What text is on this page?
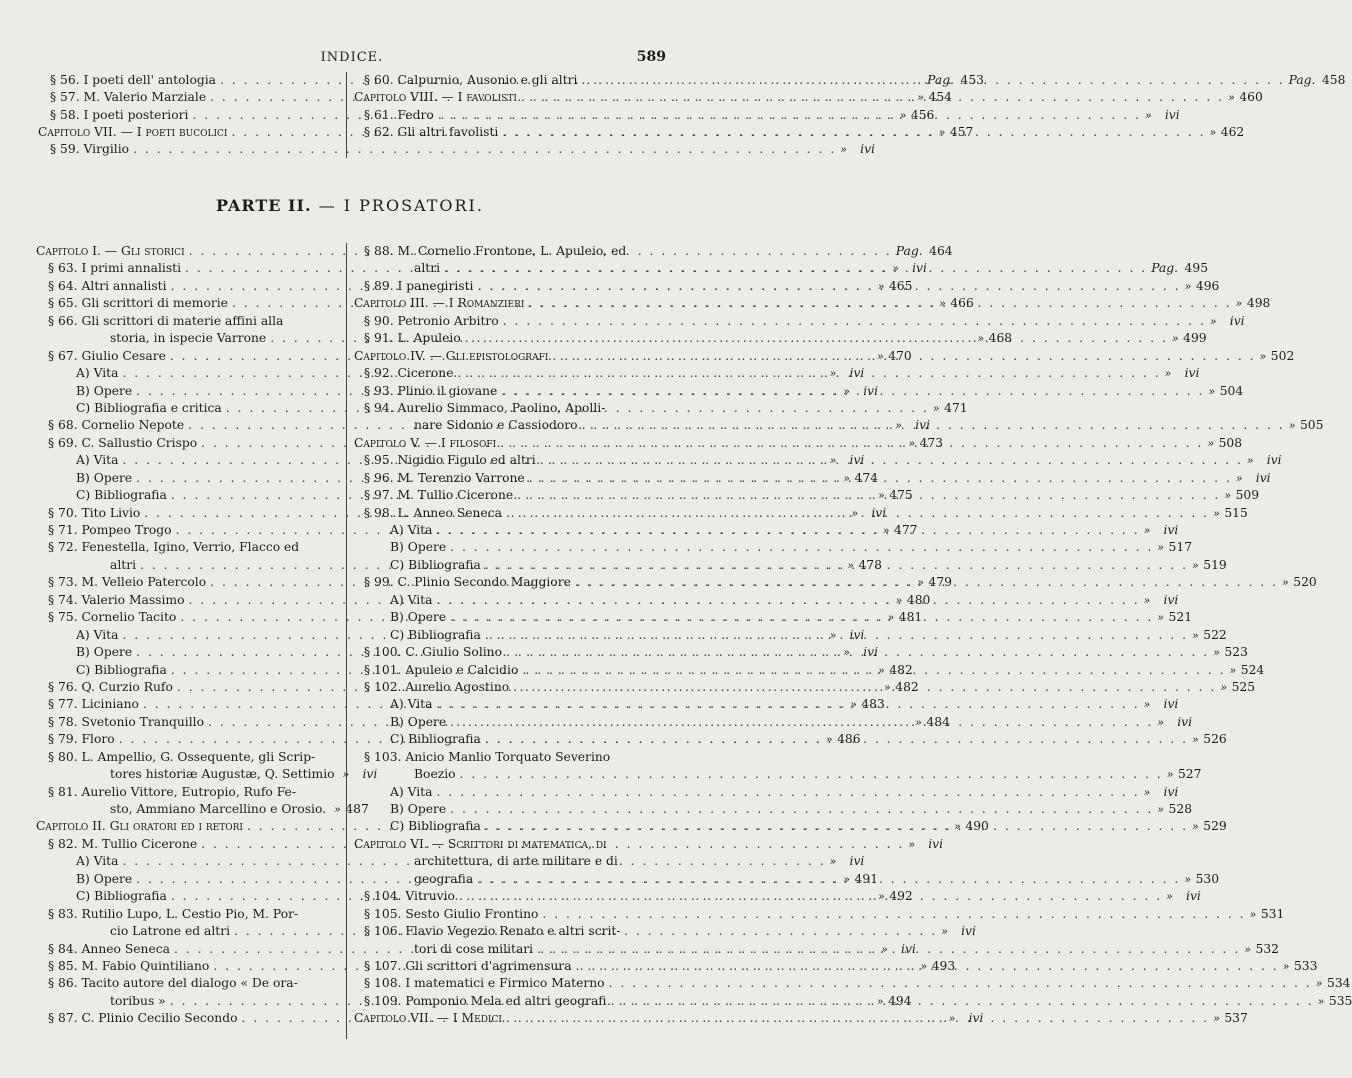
INDICE.	589
§ 56. I poeti dell' antologia . . .	Pag. 453
§ 57. M. Valerio Marziale . . .	» 454
§ 58. I poeti posteriori . . .	» 456
Capitolo VII. — I poeti bucolici . . .	» 457
§ 59. Virgilio . . .	»	ivi
§ 60. Calpurnio, Ausonio e gli altri . . .	Pag. 458
Capitolo VIII. — I favolisti . . .	» 460
§ 61. Fedro . . .	»	ivi
§ 62. Gli altri favolisti . . .	» 462
PARTE II. — I PROSATORI.
Capitolo I. — Gli storici . . .	Pag. 464
§ 63. I primi annalisti . . .	»	ivi
§ 64. Altri annalisti . . .	» 465
§ 65. Gli scrittori di memorie . . .	» 466
§ 66. Gli scrittori di materie affini alla
storia, in ispecie Varrone . . .	» 468
§ 67. Giulio Cesare . . .	» 470
A) Vita . . .	»	ivi
B) Opere . . .	»	ivi
C) Bibliografia e critica . . .	» 471
§ 68. Cornelio Nepote . . .	»	ivi
§ 69. C. Sallustio Crispo . . .	» 473
A) Vita . . .	»	ivi
B) Opere . . .	» 474
C) Bibliografia . . .	» 475
§ 70. Tito Livio . . .	»	ivi
§ 71. Pompeo Trogo . . .	» 477
§ 72. Fenestella, Igino, Verrio, Flacco ed
altri . . .	» 478
§ 73. M. Velleio Patercolo . . .	» 479
§ 74. Valerio Massimo . . .	» 480
§ 75. Cornelio Tacito . . .	» 481
A) Vita . . .	»	ivi
B) Opere . . .	»	ivi
C) Bibliografia . . .	» 482
§ 76. Q. Curzio Rufo . . .	» 482
§ 77. Liciniano . . .	» 483
§ 78. Svetonio Tranquillo . . .	» 484
§ 79. Floro . . .	» 486
§ 80. L. Ampellio, G. Ossequente, gli Scrip-
tores historiæ Augustæ, Q. Settimio »	ivi
§ 81. Aurelio Vittore, Eutropio, Rufo Fe-
sto, Ammiano Marcellino e Orosio. » 487
Capitolo II. Gli oratori ed i retori . . .	» 490
§ 82. M. Tullio Cicerone . . .	»	ivi
A) Vita . . .	»	ivi
B) Opere . . .	» 491
C) Bibliografia . . .	» 492
§ 83. Rutilio Lupo, L. Cestio Pio, M. Por-
cio Latrone ed altri . . .	»	ivi
§ 84. Anneo Seneca . . .	»	ivi
§ 85. M. Fabio Quintiliano . . .	» 493
§ 86. Tacito autore del dialogo « De ora-
toribus » . . .	» 494
§ 87. C. Plinio Cecilio Secondo . . .	»	ivi
§ 88. M. Cornelio Frontone, L. Apuleio, ed
altri . . .	Pag. 495
§ 89. I panegiristi . . .	» 496
Capitolo III. — I Romanzieri . . .	» 498
§ 90. Petronio Arbitro . . .	»	ivi
§ 91. L. Apuleio . . .	» 499
Capitolo IV. — Gli epistolografi . . .	» 502
§ 92. Cicerone . . .	»	ivi
§ 93. Plinio il giovane . . .	» 504
§ 94. Aurelio Simmaco, Paolino, Apolli-
nare Sidonio e Cassiodoro . . .	» 505
Capitolo V. — I filosofi . . .	» 508
§ 95. Nigidio Figulo ed altri . . .	»	ivi
§ 96. M. Terenzio Varrone . . .	»	ivi
§ 97. M. Tullio Cicerone . . .	» 509
§ 98. L. Anneo Seneca . . .	» 515
A) Vita . . .	»	ivi
B) Opere . . .	» 517
C) Bibliografia . . .	» 519
§ 99. C. Plinio Secondo Maggiore . . .	» 520
A) Vita . . .	»	ivi
B) Opere . . .	» 521
C) Bibliografia . . .	» 522
§ 100. C. Giulio Solino . . .	» 523
§ 101. Apuleio e Calcidio . . .	» 524
§ 102. Aurelio Agostino . . .	» 525
A) Vita . . .	»	ivi
B) Opere . . .	»	ivi
C) Bibliografia . . .	» 526
§ 103. Anicio Manlio Torquato Severino
Boezio . . .	» 527
A) Vita . . .	»	ivi
B) Opere . . .	» 528
C) Bibliografia . . .	» 529
Capitolo VI. — Scrittori di matematica, di
architettura, di arte militare e di
geografia . . .	» 530
§ 104. Vitruvio . . .	»	ivi
§ 105. Sesto Giulio Frontino . . .	» 531
§ 106. Flavio Vegezio Renato e altri scrit-
tori di cose militari . . .	» 532
§ 107. Gli scrittori d'agrimensura . . .	» 533
§ 108. I matematici e Firmico Materno . . .	» 534
§ 109. Pomponio Mela ed altri geografi . . .	» 535
Capitolo VII. — I Medici . . .	» 537
